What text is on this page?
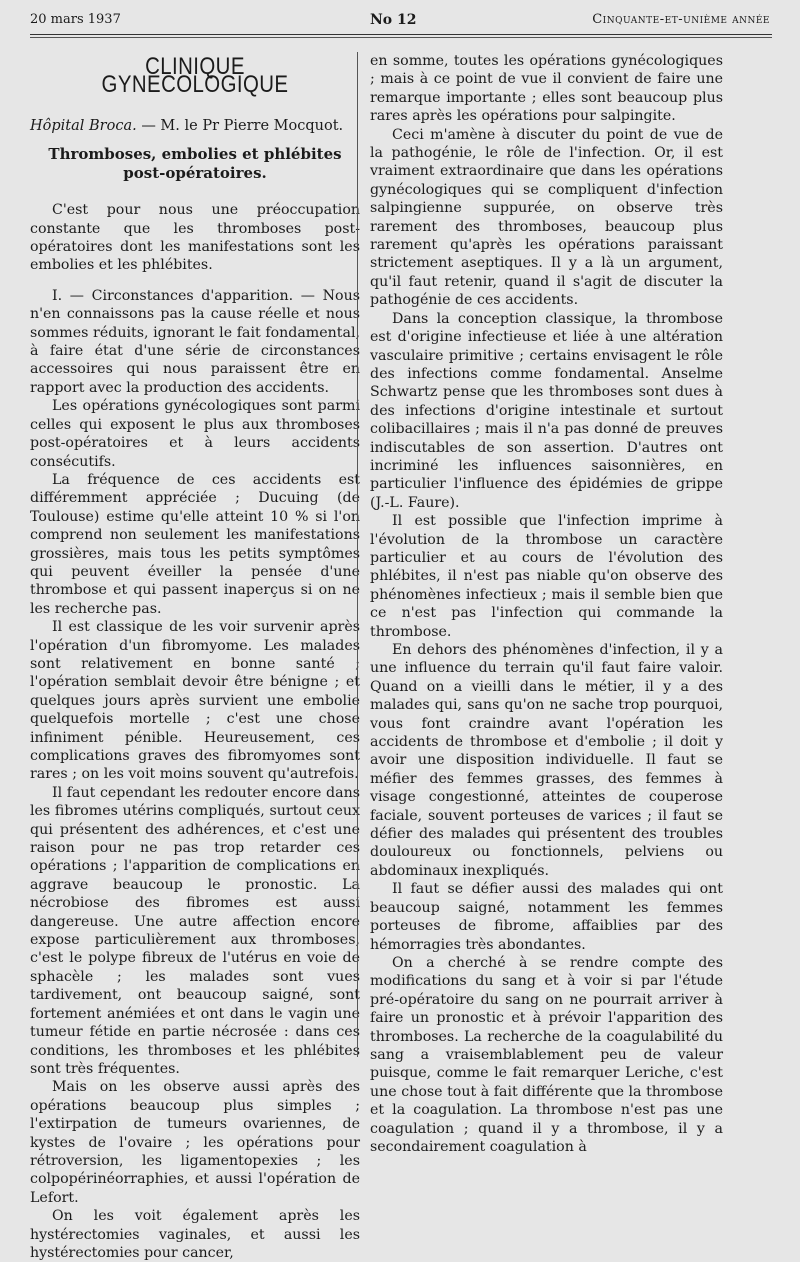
20 mars 1937	No 12	Cinquante-et-unième année
CLINIQUE GYNECOLOGIQUE
Hôpital Broca. — M. le Pr Pierre Mocquot.
Thromboses, embolies et phlébites post-opératoires.

C'est pour nous une préoccupation constante que les thromboses post-opératoires dont les manifestations sont les embolies et les phlébites.

I. — Circonstances d'apparition. — Nous n'en connaissons pas la cause réelle et nous sommes réduits, ignorant le fait fondamental, à faire état d'une série de circonstances accessoires qui nous paraissent être en rapport avec la production des accidents.

Les opérations gynécologiques sont parmi celles qui exposent le plus aux thromboses post-opératoires et à leurs accidents consécutifs.

La fréquence de ces accidents est différemment appréciée ; Ducuing (de Toulouse) estime qu'elle atteint 10 % si l'on comprend non seulement les manifestations grossières, mais tous les petits symptômes qui peuvent éveiller la pensée d'une thrombose et qui passent inaperçus si on ne les recherche pas.

Il est classique de les voir survenir après l'opération d'un fibromyome. Les malades sont relativement en bonne santé ; l'opération semblait devoir être bénigne ; et quelques jours après survient une embolie quelquefois mortelle ; c'est une chose infiniment pénible. Heureusement, ces complications graves des fibromyomes sont rares ; on les voit moins souvent qu'autrefois.

Il faut cependant les redouter encore dans les fibromes utérins compliqués, surtout ceux qui présentent des adhérences, et c'est une raison pour ne pas trop retarder ces opérations ; l'apparition de complications en aggrave beaucoup le pronostic. La nécrobiose des fibromes est aussi dangereuse. Une autre affection encore expose particulièrement aux thromboses, c'est le polype fibreux de l'utérus en voie de sphacèle ; les malades sont vues tardivement, ont beaucoup saigné, sont fortement anémiées et ont dans le vagin une tumeur fétide en partie nécrosée : dans ces conditions, les thromboses et les phlébites sont très fréquentes.

Mais on les observe aussi après des opérations beaucoup plus simples ; l'extirpation de tumeurs ovariennes, de kystes de l'ovaire ; les opérations pour rétroversion, les ligamentopexies ; les colpopérinéorraphies, et aussi l'opération de Lefort.

On les voit également après les hystérectomies vaginales, et aussi les hystérectomies pour cancer,

en somme, toutes les opérations gynécologiques ; mais à ce point de vue il convient de faire une remarque importante ; elles sont beaucoup plus rares après les opérations pour salpingite.

Ceci m'amène à discuter du point de vue de la pathogénie, le rôle de l'infection. Or, il est vraiment extraordinaire que dans les opérations gynécologiques qui se compliquent d'infection salpingienne suppurée, on observe très rarement des thromboses, beaucoup plus rarement qu'après les opérations paraissant strictement aseptiques. Il y a là un argument, qu'il faut retenir, quand il s'agit de discuter la pathogénie de ces accidents.

Dans la conception classique, la thrombose est d'origine infectieuse et liée à une altération vasculaire primitive ; certains envisagent le rôle des infections comme fondamental. Anselme Schwartz pense que les thromboses sont dues à des infections d'origine intestinale et surtout colibacillaires ; mais il n'a pas donné de preuves indiscutables de son assertion. D'autres ont incriminé les influences saisonnières, en particulier l'influence des épidémies de grippe (J.-L. Faure).

Il est possible que l'infection imprime à l'évolution de la thrombose un caractère particulier et au cours de l'évolution des phlébites, il n'est pas niable qu'on observe des phénomènes infectieux ; mais il semble bien que ce n'est pas l'infection qui commande la thrombose.

En dehors des phénomènes d'infection, il y a une influence du terrain qu'il faut faire valoir. Quand on a vieilli dans le métier, il y a des malades qui, sans qu'on ne sache trop pourquoi, vous font craindre avant l'opération les accidents de thrombose et d'embolie ; il doit y avoir une disposition individuelle. Il faut se méfier des femmes grasses, des femmes à visage congestionné, atteintes de couperose faciale, souvent porteuses de varices ; il faut se défier des malades qui présentent des troubles douloureux ou fonctionnels, pelviens ou abdominaux inexpliqués.

Il faut se défier aussi des malades qui ont beaucoup saigné, notamment les femmes porteuses de fibrome, affaiblies par des hémorragies très abondantes.

On a cherché à se rendre compte des modifications du sang et à voir si par l'étude pré-opératoire du sang on ne pourrait arriver à faire un pronostic et à prévoir l'apparition des thromboses. La recherche de la coagulabilité du sang a vraisemblablement peu de valeur puisque, comme le fait remarquer Leriche, c'est une chose tout à fait différente que la thrombose et la coagulation. La thrombose n'est pas une coagulation ; quand il y a thrombose, il y a secondairement coagulation à
